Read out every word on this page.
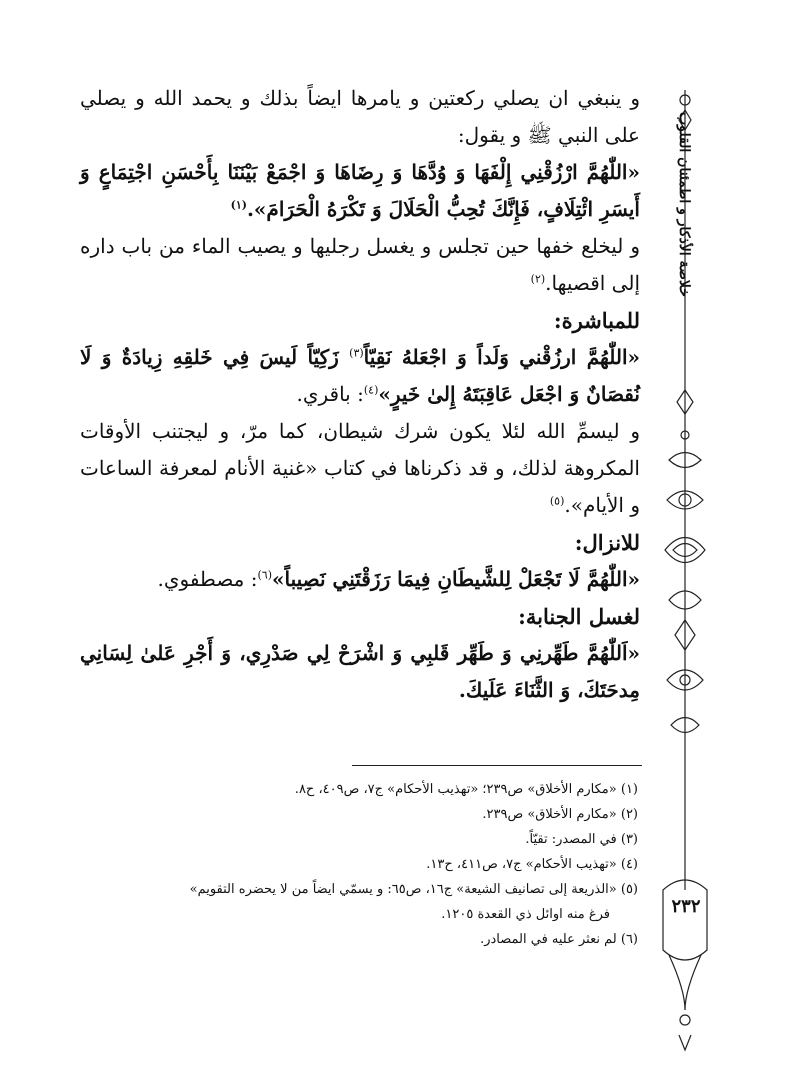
خلاصة الأذكار و اطمئنان القلوب
٢٣٢

و ينبغي ان يصلي ركعتين و يامرها ايضاً بذلك و يحمد الله و يصلي على النبي ﷺ و يقول:

«اللّٰهُمَّ ارْزُقْنِي إِلْفَهَا وَ وُدَّهَا وَ رِضَاهَا وَ اجْمَعْ بَيْنَنَا بِأَحْسَنِ اجْتِمَاعٍ وَ أَيسَرِ ائْتِلَافٍ، فَإِنَّكَ تُحِبُّ الْحَلَالَ وَ تَكْرَهُ الْحَرَامَ».$^{(١)}$

و ليخلع خفها حين تجلس و يغسل رجليها و يصيب الماء من باب داره إلى اقصيها.$^{(٢)}$

للمباشرة:

«اللّٰهُمَّ ارزُقْني وَلَداً وَ اجْعَلهُ نَقِيّاً$^{(٣)}$ زَكِيّاً لَيسَ فِي خَلقِهِ زِيادَةٌ وَ لَا نُقصَانٌ وَ اجْعَل عَاقِبَتَهُ إِلىٰ خَيرٍ»$^{(٤)}$: باقري.

و ليسمِّ الله لئلا يكون شرك شيطان، كما مرّ، و ليجتنب الأوقات المكروهة لذلك، و قد ذكرناها في كتاب «غنية الأنام لمعرفة الساعات و الأيام».$^{(٥)}$

للانزال:

«اللّٰهُمَّ لَا تَجْعَلْ لِلشَّيطَانِ فِيمَا رَزَقْتَنِي نَصِيباً»$^{(٦)}$: مصطفوي.

لغسل الجنابة:

«اَللّٰهُمَّ طَهِّرنِي وَ طَهِّر قَلبِي وَ اشْرَحْ لِي صَدْرِي، وَ أَجْرِ عَلىٰ لِسَانِي مِدحَتَكَ، وَ الثَّنَاءَ عَلَيكَ.

(١) «مكارم الأخلاق» ص٢٣٩؛ «تهذيب الأحكام» ج٧، ص٤٠٩، ح٨.

(٢) «مكارم الأخلاق» ص٢٣٩.

(٣) في المصدر: تقيّاً.

(٤) «تهذيب الأحكام» ج٧، ص٤١١، ح١٣.

(٥) «الذريعة إلى تصانيف الشيعة» ج١٦، ص٦٥: و يسمّي ايضاً من لا يحضره التقويم»

فرغ منه اوائل ذي القعدة ١٢٠٥.

(٦) لم نعثر عليه في المصادر.
